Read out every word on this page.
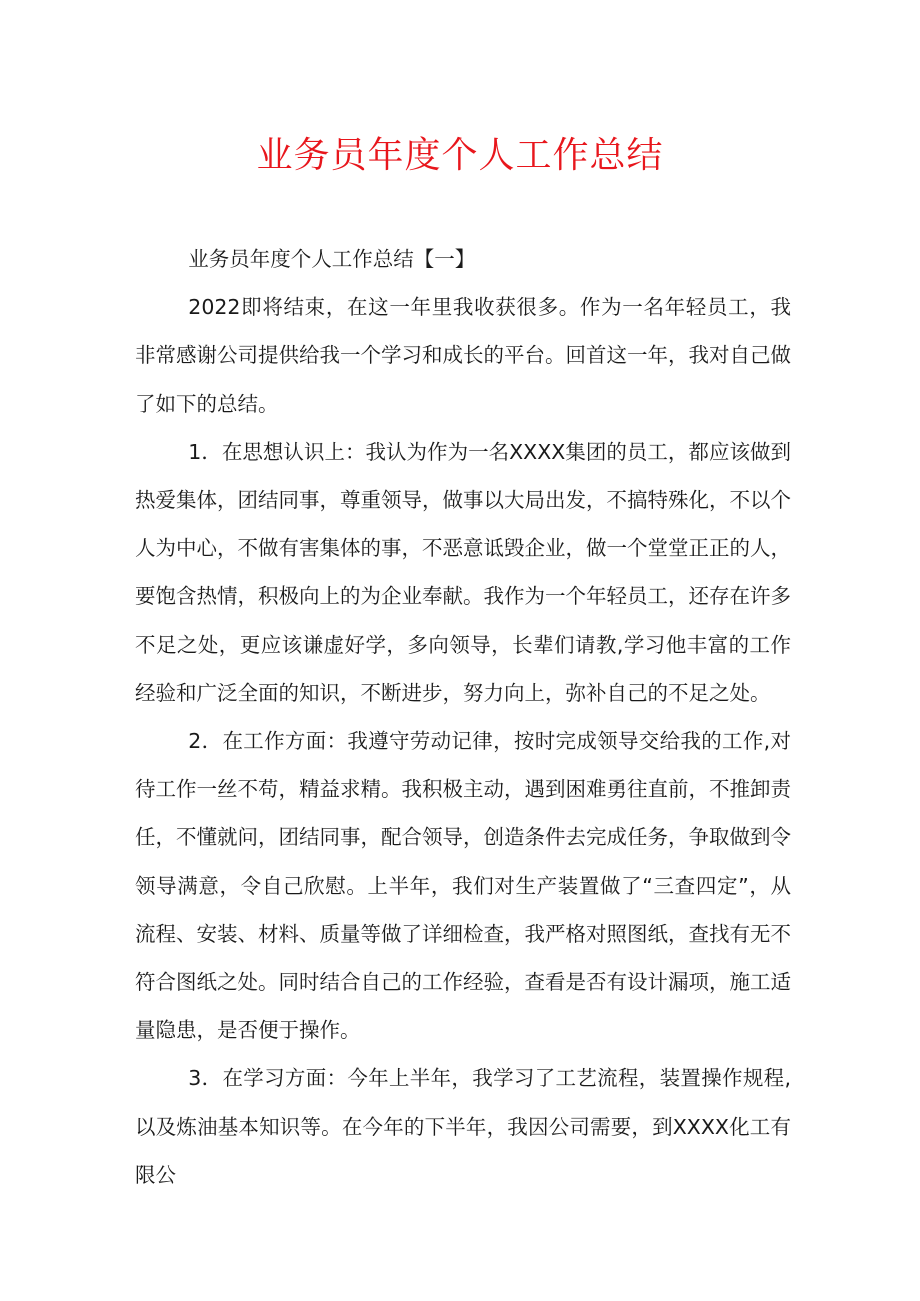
业务员年度个人工作总结

业务员年度个人工作总结【一】

2022即将结束，在这一年里我收获很多。作为一名年轻员工，我非常感谢公司提供给我一个学习和成长的平台。回首这一年，我对自己做了如下的总结。

1．在思想认识上：我认为作为一名XXXX集团的员工，都应该做到热爱集体，团结同事，尊重领导，做事以大局出发，不搞特殊化，不以个人为中心，不做有害集体的事，不恶意诋毁企业，做一个堂堂正正的人，要饱含热情，积极向上的为企业奉献。我作为一个年轻员工，还存在许多不足之处，更应该谦虚好学，多向领导，长辈们请教,学习他丰富的工作经验和广泛全面的知识，不断进步，努力向上，弥补自己的不足之处。

2．在工作方面：我遵守劳动记律，按时完成领导交给我的工作,对待工作一丝不苟，精益求精。我积极主动，遇到困难勇往直前，不推卸责任，不懂就问，团结同事，配合领导，创造条件去完成任务，争取做到令领导满意，令自己欣慰。上半年，我们对生产装置做了“三查四定”，从流程、安装、材料、质量等做了详细检查，我严格对照图纸，查找有无不符合图纸之处。同时结合自己的工作经验，查看是否有设计漏项，施工适量隐患，是否便于操作。

3．在学习方面：今年上半年，我学习了工艺流程，装置操作规程,以及炼油基本知识等。在今年的下半年，我因公司需要，到XXXX化工有限公
